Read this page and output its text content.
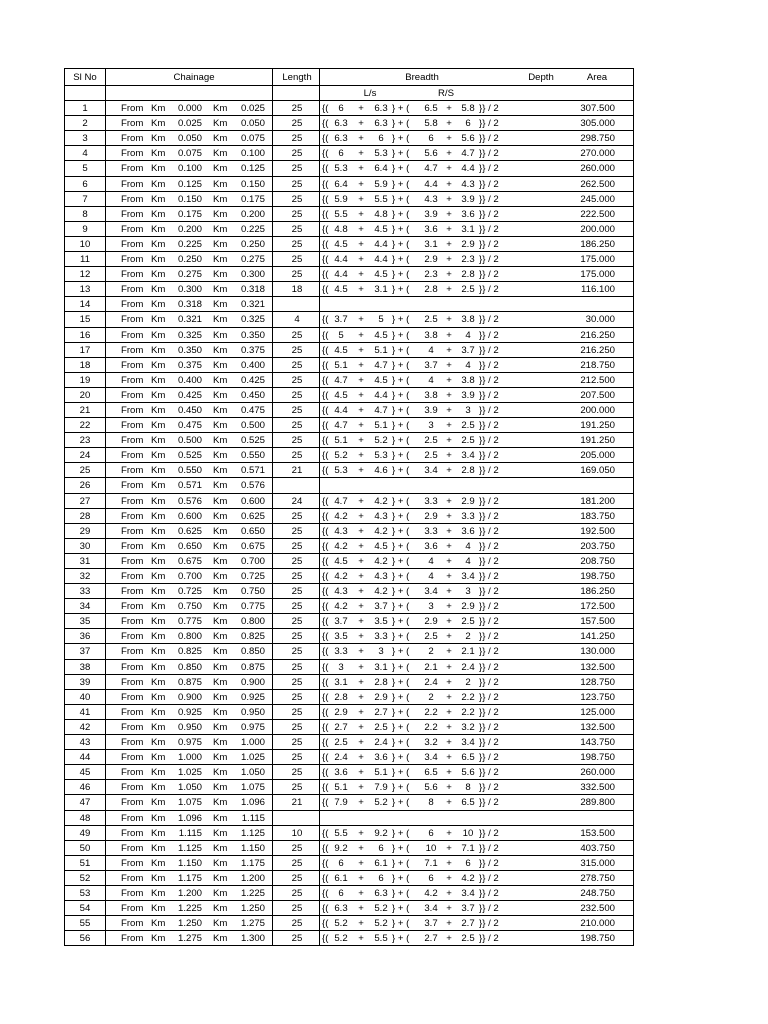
Sl No	Chainage	Length	Breadth	Depth	Area
L/s	R/S
1	From Km 0.000 Km 0.025	25 {( 6 + 6.3 } + ( 6.5 + 5.8 }} / 2	307.500
2	From Km 0.025 Km 0.050	25 {( 6.3 + 6.3 } + ( 5.8 + 6 }} / 2	305.000
3	From Km 0.050 Km 0.075	25 {( 6.3 + 6 } + ( 6 + 5.6 }} / 2	298.750
4	From Km 0.075 Km 0.100	25 {( 6 + 5.3 } + ( 5.6 + 4.7 }} / 2	270.000
5	From Km 0.100 Km 0.125	25 {( 5.3 + 6.4 } + ( 4.7 + 4.4 }} / 2	260.000
6	From Km 0.125 Km 0.150	25 {( 6.4 + 5.9 } + ( 4.4 + 4.3 }} / 2	262.500
7	From Km 0.150 Km 0.175	25 {( 5.9 + 5.5 } + ( 4.3 + 3.9 }} / 2	245.000
8	From Km 0.175 Km 0.200	25 {( 5.5 + 4.8 } + ( 3.9 + 3.6 }} / 2	222.500
9	From Km 0.200 Km 0.225	25 {( 4.8 + 4.5 } + ( 3.6 + 3.1 }} / 2	200.000
10	From Km 0.225 Km 0.250	25 {( 4.5 + 4.4 } + ( 3.1 + 2.9 }} / 2	186.250
11	From Km 0.250 Km 0.275	25 {( 4.4 + 4.4 } + ( 2.9 + 2.3 }} / 2	175.000
12	From Km 0.275 Km 0.300	25 {( 4.4 + 4.5 } + ( 2.3 + 2.8 }} / 2	175.000
13	From Km 0.300 Km 0.318	18 {( 4.5 + 3.1 } + ( 2.8 + 2.5 }} / 2	116.100
14	From Km 0.318 Km 0.321
15	From Km 0.321 Km 0.325	4 {( 3.7 + 5 } + ( 2.5 + 3.8 }} / 2	30.000
16	From Km 0.325 Km 0.350	25 {( 5 + 4.5 } + ( 3.8 + 4 }} / 2	216.250
17	From Km 0.350 Km 0.375	25 {( 4.5 + 5.1 } + ( 4 + 3.7 }} / 2	216.250
18	From Km 0.375 Km 0.400	25 {( 5.1 + 4.7 } + ( 3.7 + 4 }} / 2	218.750
19	From Km 0.400 Km 0.425	25 {( 4.7 + 4.5 } + ( 4 + 3.8 }} / 2	212.500
20	From Km 0.425 Km 0.450	25 {( 4.5 + 4.4 } + ( 3.8 + 3.9 }} / 2	207.500
21	From Km 0.450 Km 0.475	25 {( 4.4 + 4.7 } + ( 3.9 + 3 }} / 2	200.000
22	From Km 0.475 Km 0.500	25 {( 4.7 + 5.1 } + ( 3 + 2.5 }} / 2	191.250
23	From Km 0.500 Km 0.525	25 {( 5.1 + 5.2 } + ( 2.5 + 2.5 }} / 2	191.250
24	From Km 0.525 Km 0.550	25 {( 5.2 + 5.3 } + ( 2.5 + 3.4 }} / 2	205.000
25	From Km 0.550 Km 0.571	21 {( 5.3 + 4.6 } + ( 3.4 + 2.8 }} / 2	169.050
26	From Km 0.571 Km 0.576
27	From Km 0.576 Km 0.600	24 {( 4.7 + 4.2 } + ( 3.3 + 2.9 }} / 2	181.200
28	From Km 0.600 Km 0.625	25 {( 4.2 + 4.3 } + ( 2.9 + 3.3 }} / 2	183.750
29	From Km 0.625 Km 0.650	25 {( 4.3 + 4.2 } + ( 3.3 + 3.6 }} / 2	192.500
30	From Km 0.650 Km 0.675	25 {( 4.2 + 4.5 } + ( 3.6 + 4 }} / 2	203.750
31	From Km 0.675 Km 0.700	25 {( 4.5 + 4.2 } + ( 4 + 4 }} / 2	208.750
32	From Km 0.700 Km 0.725	25 {( 4.2 + 4.3 } + ( 4 + 3.4 }} / 2	198.750
33	From Km 0.725 Km 0.750	25 {( 4.3 + 4.2 } + ( 3.4 + 3 }} / 2	186.250
34	From Km 0.750 Km 0.775	25 {( 4.2 + 3.7 } + ( 3 + 2.9 }} / 2	172.500
35	From Km 0.775 Km 0.800	25 {( 3.7 + 3.5 } + ( 2.9 + 2.5 }} / 2	157.500
36	From Km 0.800 Km 0.825	25 {( 3.5 + 3.3 } + ( 2.5 + 2 }} / 2	141.250
37	From Km 0.825 Km 0.850	25 {( 3.3 + 3 } + ( 2 + 2.1 }} / 2	130.000
38	From Km 0.850 Km 0.875	25 {( 3 + 3.1 } + ( 2.1 + 2.4 }} / 2	132.500
39	From Km 0.875 Km 0.900	25 {( 3.1 + 2.8 } + ( 2.4 + 2 }} / 2	128.750
40	From Km 0.900 Km 0.925	25 {( 2.8 + 2.9 } + ( 2 + 2.2 }} / 2	123.750
41	From Km 0.925 Km 0.950	25 {( 2.9 + 2.7 } + ( 2.2 + 2.2 }} / 2	125.000
42	From Km 0.950 Km 0.975	25 {( 2.7 + 2.5 } + ( 2.2 + 3.2 }} / 2	132.500
43	From Km 0.975 Km 1.000	25 {( 2.5 + 2.4 } + ( 3.2 + 3.4 }} / 2	143.750
44	From Km 1.000 Km 1.025	25 {( 2.4 + 3.6 } + ( 3.4 + 6.5 }} / 2	198.750
45	From Km 1.025 Km 1.050	25 {( 3.6 + 5.1 } + ( 6.5 + 5.6 }} / 2	260.000
46	From Km 1.050 Km 1.075	25 {( 5.1 + 7.9 } + ( 5.6 + 8 }} / 2	332.500
47	From Km 1.075 Km 1.096	21 {( 7.9 + 5.2 } + ( 8 + 6.5 }} / 2	289.800
48	From Km 1.096 Km 1.115
49	From Km 1.115 Km 1.125	10 {( 5.5 + 9.2 } + ( 6 + 10 }} / 2	153.500
50	From Km 1.125 Km 1.150	25 {( 9.2 + 6 } + ( 10 + 7.1 }} / 2	403.750
51	From Km 1.150 Km 1.175	25 {( 6 + 6.1 } + ( 7.1 + 6 }} / 2	315.000
52	From Km 1.175 Km 1.200	25 {( 6.1 + 6 } + ( 6 + 4.2 }} / 2	278.750
53	From Km 1.200 Km 1.225	25 {( 6 + 6.3 } + ( 4.2 + 3.4 }} / 2	248.750
54	From Km 1.225 Km 1.250	25 {( 6.3 + 5.2 } + ( 3.4 + 3.7 }} / 2	232.500
55	From Km 1.250 Km 1.275	25 {( 5.2 + 5.2 } + ( 3.7 + 2.7 }} / 2	210.000
56	From Km 1.275 Km 1.300	25 {( 5.2 + 5.5 } + ( 2.7 + 2.5 }} / 2	198.750
